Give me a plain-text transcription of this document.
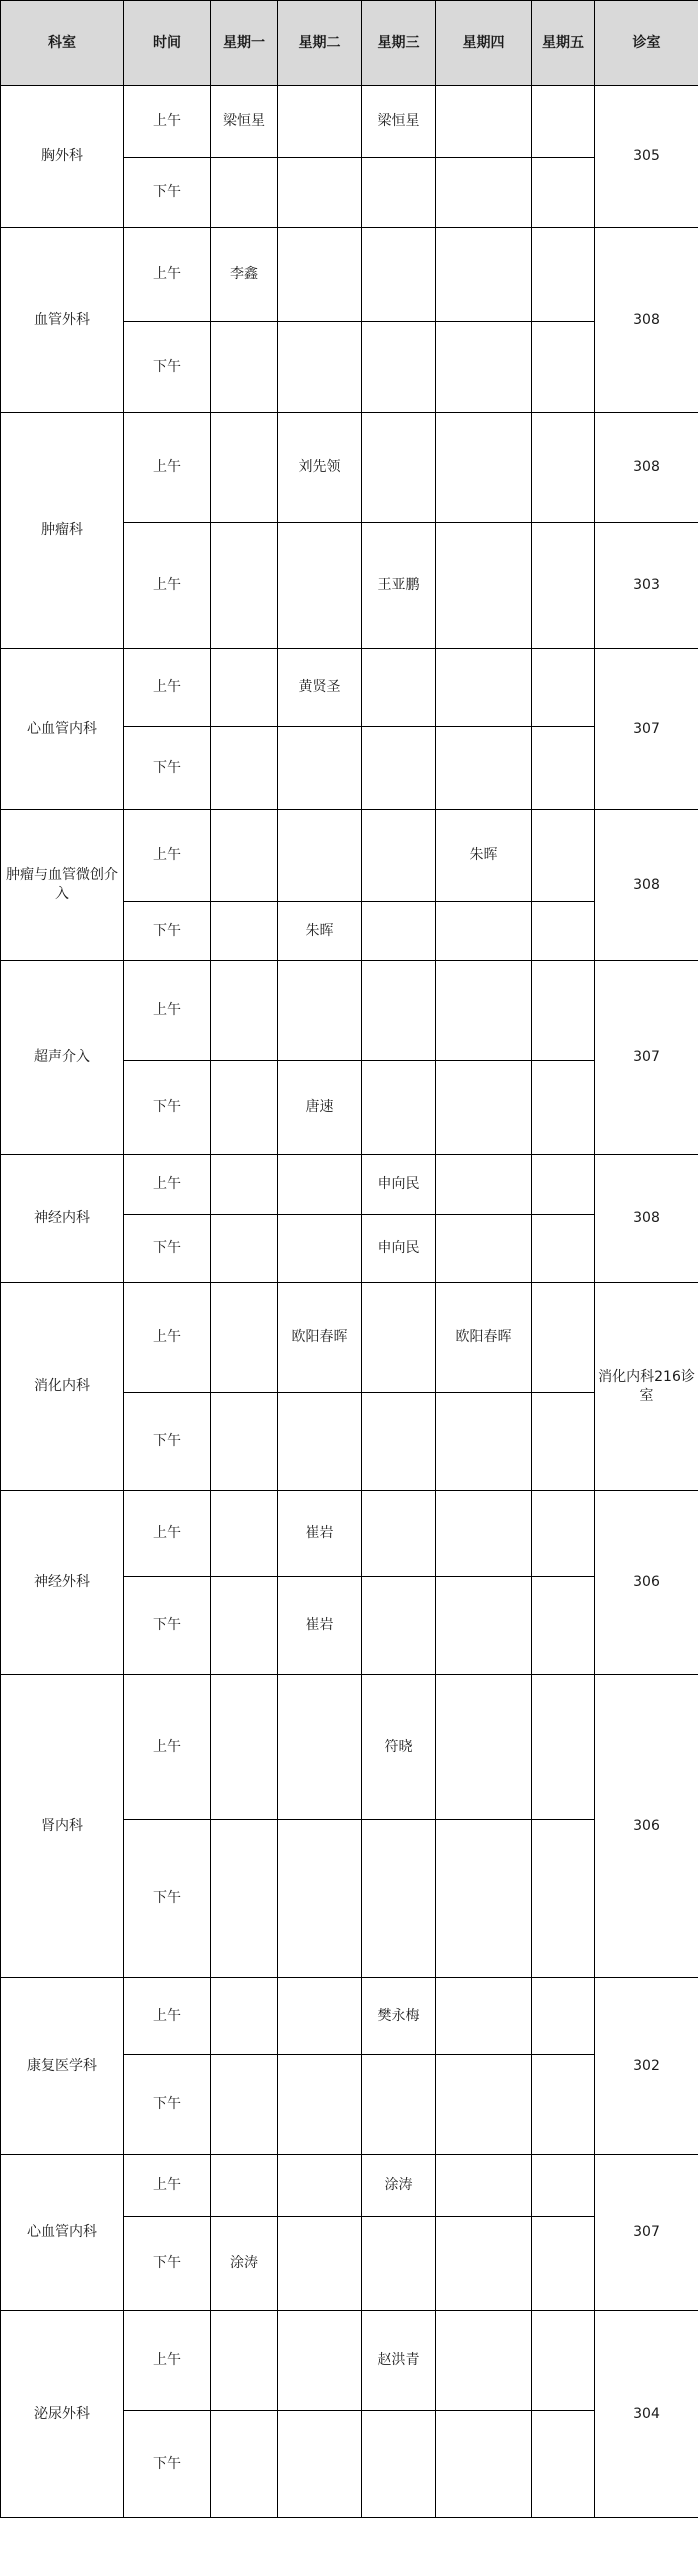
科室	时间	星期一	星期二	星期三	星期四	星期五	诊室
胸外科	上午	梁恒星		梁恒星			305
	下午						
血管外科	上午	李鑫					308
	下午						
肿瘤科	上午		刘先领				308
	上午			王亚鹏			303
心血管内科	上午		黄贤圣				307
	下午						
肿瘤与血管微创介入	上午				朱晖		308
	下午		朱晖				
超声介入	上午						307
	下午		唐速				
神经内科	上午			申向民			308
	下午			申向民			
消化内科	上午		欧阳春晖		欧阳春晖		消化内科216诊室
	下午						
神经外科	上午		崔岩				306
	下午		崔岩				
肾内科	上午			符晓			306
	下午						
康复医学科	上午			樊永梅			302
	下午						
心血管内科	上午			涂涛			307
	下午	涂涛					
泌尿外科	上午			赵洪青			304
	下午						
